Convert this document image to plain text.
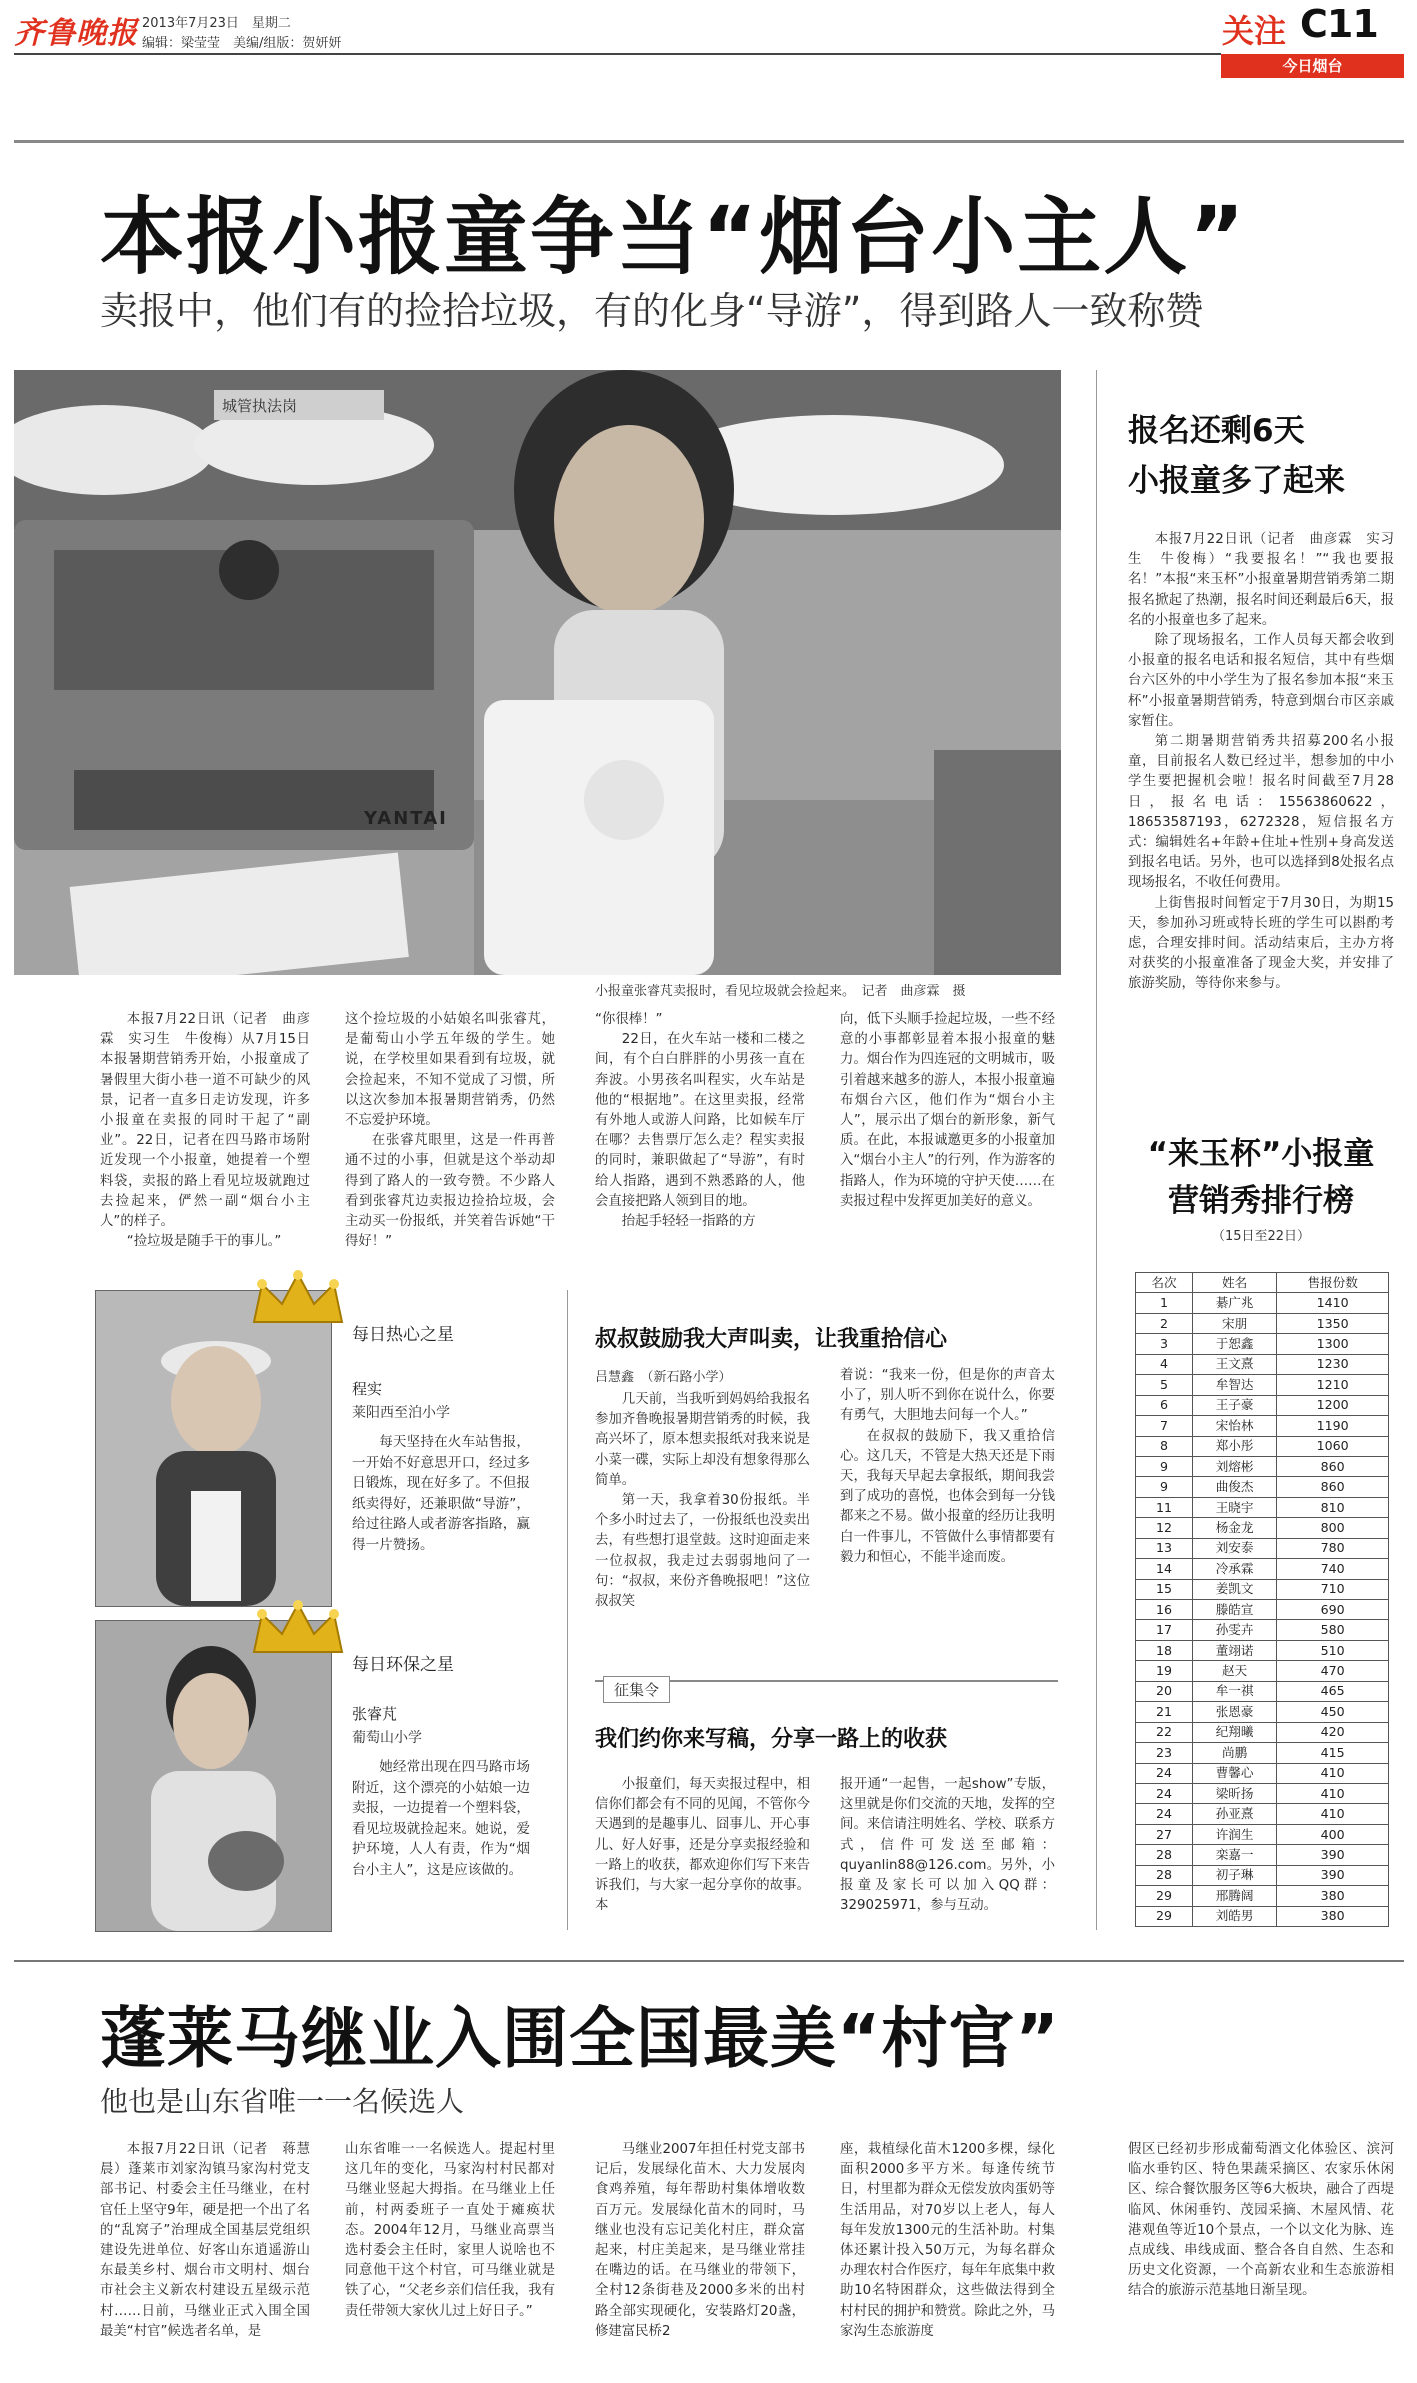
齐鲁晚报 2013年7月23日　星期二
编辑：梁莹莹　美编/组版：贺妍妍	关注 C11
今日烟台
本报小报童争当“烟台小主人”
卖报中，他们有的捡拾垃圾，有的化身“导游”，得到路人一致称赞
YANTAI
城管执法岗
小报童张睿芃卖报时，看见垃圾就会捡起来。　记者　曲彦霖　摄

本报7月22日讯（记者　曲彦霖　实习生　牛俊梅）从7月15日本报暑期营销秀开始，小报童成了暑假里大街小巷一道不可缺少的风景，记者一直多日走访发现，许多小报童在卖报的同时干起了“副业”。22日，记者在四马路市场附近发现一个小报童，她提着一个塑料袋，卖报的路上看见垃圾就跑过去捡起来，俨然一副“烟台小主人”的样子。

“捡垃圾是随手干的事儿。”

这个捡垃圾的小姑娘名叫张睿芃，是葡萄山小学五年级的学生。她说，在学校里如果看到有垃圾，就会捡起来，不知不觉成了习惯，所以这次参加本报暑期营销秀，仍然不忘爱护环境。

在张睿芃眼里，这是一件再普通不过的小事，但就是这个举动却得到了路人的一致夸赞。不少路人看到张睿芃边卖报边捡拾垃圾，会主动买一份报纸，并笑着告诉她“干得好！”

“你很棒！”

22日，在火车站一楼和二楼之间，有个白白胖胖的小男孩一直在奔波。小男孩名叫程实，火车站是他的“根据地”。在这里卖报，经常有外地人或游人问路，比如候车厅在哪？去售票厅怎么走？程实卖报的同时，兼职做起了“导游”，有时给人指路，遇到不熟悉路的人，他会直接把路人领到目的地。

抬起手轻轻一指路的方

向，低下头顺手捡起垃圾，一些不经意的小事都彰显着本报小报童的魅力。烟台作为四连冠的文明城市，吸引着越来越多的游人，本报小报童遍布烟台六区，他们作为“烟台小主人”，展示出了烟台的新形象，新气质。在此，本报诚邀更多的小报童加入“烟台小主人”的行列，作为游客的指路人，作为环境的守护天使……在卖报过程中发挥更加美好的意义。

报名还剩6天
小报童多了起来

本报7月22日讯（记者　曲彦霖　实习生　牛俊梅）“我要报名！”“我也要报名！”本报“来玉杯”小报童暑期营销秀第二期报名掀起了热潮，报名时间还剩最后6天，报名的小报童也多了起来。

除了现场报名，工作人员每天都会收到小报童的报名电话和报名短信，其中有些烟台六区外的中小学生为了报名参加本报“来玉杯”小报童暑期营销秀，特意到烟台市区亲戚家暂住。

第二期暑期营销秀共招募200名小报童，目前报名人数已经过半，想参加的中小学生要把握机会啦！报名时间截至7月28日，报名电话：15563860622，18653587193，6272328，短信报名方式：编辑姓名+年龄+住址+性别+身高发送到报名电话。另外，也可以选择到8处报名点现场报名，不收任何费用。

上街售报时间暂定于7月30日，为期15天，参加孙习班或特长班的学生可以斟酌考虑，合理安排时间。活动结束后，主办方将对获奖的小报童准备了现金大奖，并安排了旅游奖励，等待你来参与。

“来玉杯”小报童
营销秀排行榜
（15日至22日）
名次	姓名	售报份数
1	綦广兆	1410
2	宋朋	1350
3	于恕鑫	1300
4	王文熹	1230
5	牟智达	1210
6	王子豪	1200
7	宋怡林	1190
8	郑小彤	1060
9	刘熔彬	860
9	曲俊杰	860
11	王晓宇	810
12	杨金龙	800
13	刘安泰	780
14	冷承霖	740
15	姜凯文	710
16	滕皓宣	690
17	孙雯卉	580
18	董翊诺	510
19	赵天	470
20	牟一祺	465
21	张恩豪	450
22	纪翔曦	420
23	尚鹏	415
24	曹馨心	410
24	梁昕扬	410
24	孙亚熹	410
27	许润生	400
28	栾嘉一	390
28	初子琳	390
29	邢腾阔	380
29	刘皓男	380
每日热心之星
程实
莱阳西至泊小学

每天坚持在火车站售报，一开始不好意思开口，经过多日锻炼，现在好多了。不但报纸卖得好，还兼职做“导游”，给过往路人或者游客指路，赢得一片赞扬。

每日环保之星
张睿芃
葡萄山小学

她经常出现在四马路市场附近，这个漂亮的小姑娘一边卖报，一边提着一个塑料袋，看见垃圾就捡起来。她说，爱护环境，人人有责，作为“烟台小主人”，这是应该做的。

叔叔鼓励我大声叫卖，让我重拾信心
吕慧鑫　（新石路小学）

几天前，当我听到妈妈给我报名参加齐鲁晚报暑期营销秀的时候，我高兴坏了，原本想卖报纸对我来说是小菜一碟，实际上却没有想象得那么简单。

第一天，我拿着30份报纸。半个多小时过去了，一份报纸也没卖出去，有些想打退堂鼓。这时迎面走来一位叔叔，我走过去弱弱地问了一句：“叔叔，来份齐鲁晚报吧！”这位叔叔笑

着说：“我来一份，但是你的声音太小了，别人听不到你在说什么，你要有勇气，大胆地去问每一个人。”

在叔叔的鼓励下，我又重拾信心。这几天，不管是大热天还是下雨天，我每天早起去拿报纸，期间我尝到了成功的喜悦，也体会到每一分钱都来之不易。做小报童的经历让我明白一件事儿，不管做什么事情都要有毅力和恒心，不能半途而废。

征集令
我们约你来写稿，分享一路上的收获

小报童们，每天卖报过程中，相信你们都会有不同的见闻，不管你今天遇到的是趣事儿、囧事儿、开心事儿、好人好事，还是分享卖报经验和一路上的收获，都欢迎你们写下来告诉我们，与大家一起分享你的故事。本

报开通“一起售，一起show”专版，这里就是你们交流的天地，发挥的空间。来信请注明姓名、学校、联系方式，信件可发送至邮箱：quyanlin88@126.com。另外，小报童及家长可以加入QQ群：329025971，参与互动。

蓬莱马继业入围全国最美“村官”
他也是山东省唯一一名候选人

本报7月22日讯（记者　蒋慧晨）蓬莱市刘家沟镇马家沟村党支部书记、村委会主任马继业，在村官任上坚守9年，硬是把一个出了名的“乱窝子”治理成全国基层党组织建设先进单位、好客山东逍遥游山东最美乡村、烟台市文明村、烟台市社会主义新农村建设五星级示范村……日前，马继业正式入围全国最美“村官”候选者名单，是

山东省唯一一名候选人。提起村里这几年的变化，马家沟村村民都对马继业竖起大拇指。在马继业上任前，村两委班子一直处于瘫痪状态。2004年12月，马继业高票当选村委会主任时，家里人说啥也不同意他干这个村官，可马继业就是铁了心，“父老乡亲们信任我，我有责任带领大家伙儿过上好日子。”

马继业2007年担任村党支部书记后，发展绿化苗木、大力发展肉食鸡养殖，每年帮助村集体增收数百万元。发展绿化苗木的同时，马继业也没有忘记美化村庄，群众富起来，村庄美起来，是马继业常挂在嘴边的话。在马继业的带领下，全村12条街巷及2000多米的出村路全部实现硬化，安装路灯20盏，修建富民桥2

座，栽植绿化苗木1200多棵，绿化面积2000多平方米。每逢传统节日，村里都为群众无偿发放肉蛋奶等生活用品，对70岁以上老人，每人每年发放1300元的生活补助。村集体还累计投入50万元，为每名群众办理农村合作医疗，每年年底集中救助10名特困群众，这些做法得到全村村民的拥护和赞赏。除此之外，马家沟生态旅游度

假区已经初步形成葡萄酒文化体验区、滨河临水垂钓区、特色果蔬采摘区、农家乐休闲区、综合餐饮服务区等6大板块，融合了西堤临风、休闲垂钓、茂园采摘、木屋风情、花港观鱼等近10个景点，一个以文化为脉、连点成线、串线成面、整合各自自然、生态和历史文化资源，一个高新农业和生态旅游相结合的旅游示范基地日渐呈现。
